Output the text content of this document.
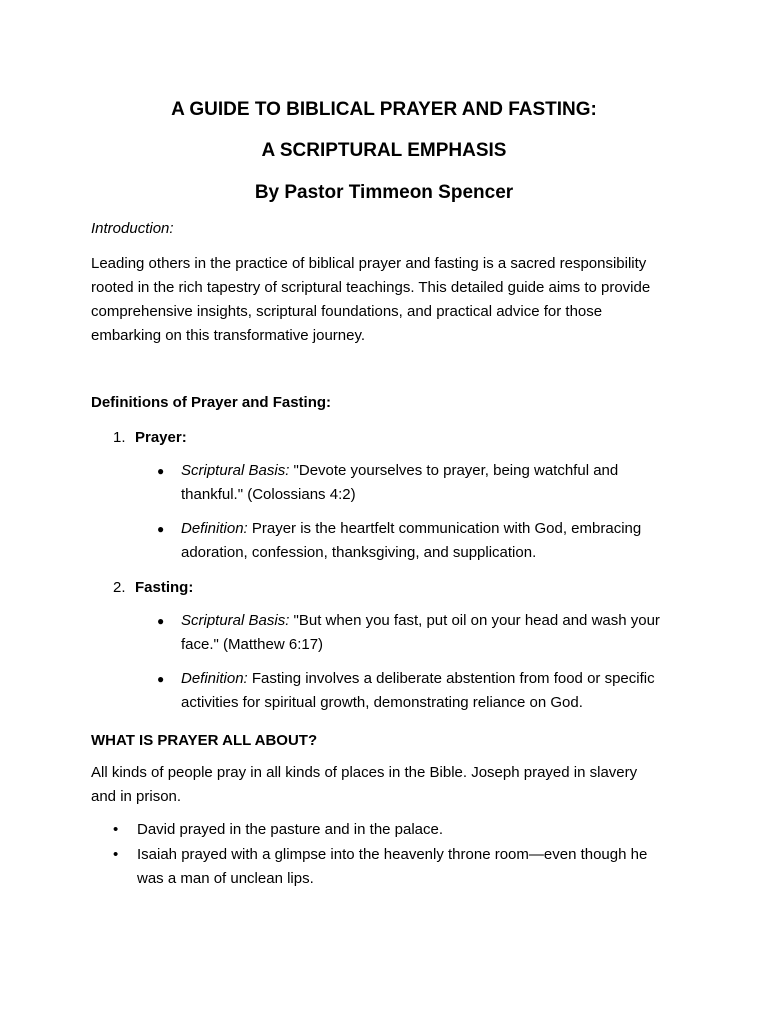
A GUIDE TO BIBLICAL PRAYER AND FASTING:
A SCRIPTURAL EMPHASIS
By Pastor Timmeon Spencer
Introduction:
Leading others in the practice of biblical prayer and fasting is a sacred responsibility rooted in the rich tapestry of scriptural teachings. This detailed guide aims to provide comprehensive insights, scriptural foundations, and practical advice for those embarking on this transformative journey.
Definitions of Prayer and Fasting:
1. Prayer:
● Scriptural Basis: "Devote yourselves to prayer, being watchful and thankful." (Colossians 4:2)
● Definition: Prayer is the heartfelt communication with God, embracing adoration, confession, thanksgiving, and supplication.
2. Fasting:
● Scriptural Basis: "But when you fast, put oil on your head and wash your face." (Matthew 6:17)
● Definition: Fasting involves a deliberate abstention from food or specific activities for spiritual growth, demonstrating reliance on God.
WHAT IS PRAYER ALL ABOUT?
All kinds of people pray in all kinds of places in the Bible. Joseph prayed in slavery and in prison.
• David prayed in the pasture and in the palace.
• Isaiah prayed with a glimpse into the heavenly throne room—even though he was a man of unclean lips.
